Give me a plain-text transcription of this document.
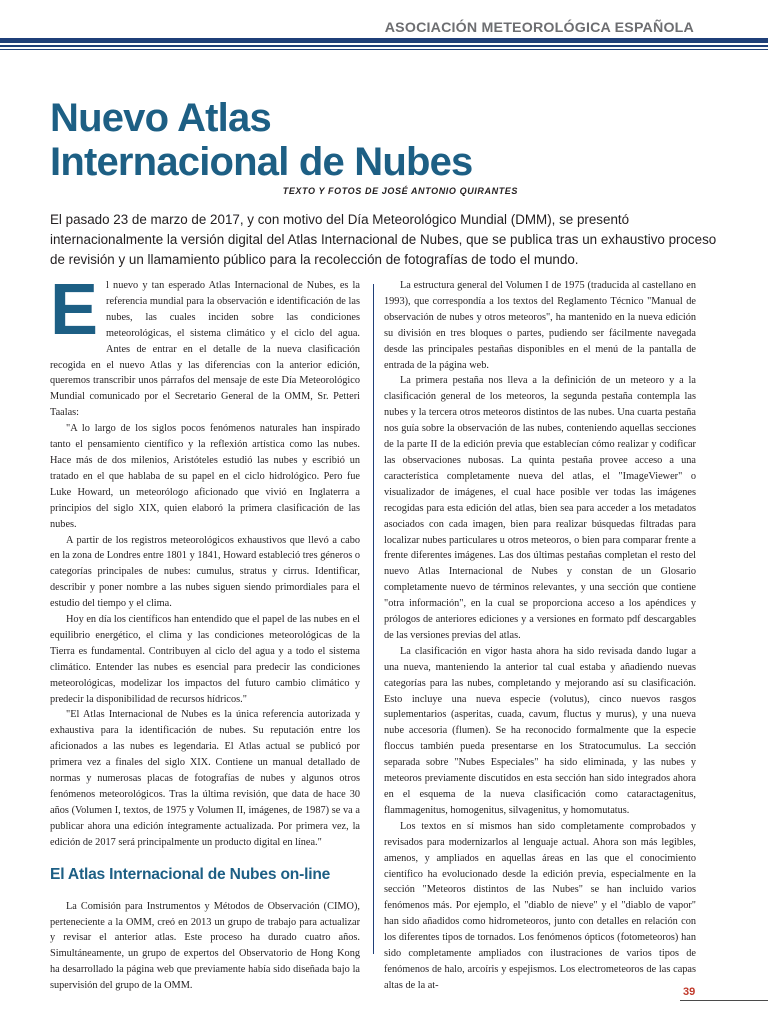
ASOCIACIÓN METEOROLÓGICA ESPAÑOLA
Nuevo Atlas
Internacional de Nubes
TEXTO Y FOTOS DE JOSÉ ANTONIO QUIRANTES

El pasado 23 de marzo de 2017, y con motivo del Día Meteorológico Mundial (DMM), se presentó internacionalmente la versión digital del Atlas Internacional de Nubes, que se publica tras un exhaustivo proceso de revisión y un llamamiento público para la recolección de fotografías de todo el mundo.

E l nuevo y tan esperado Atlas Internacional de Nubes, es la referencia mundial para la observación e identificación de las nubes, las cuales inciden sobre las condiciones meteorológicas, el sistema climático y el ciclo del agua. Antes de entrar en el detalle de la nueva clasificación recogida en el nuevo Atlas y las diferencias con la anterior edición, queremos transcribir unos párrafos del mensaje de este Día Meteorológico Mundial comunicado por el Secretario General de la OMM, Sr. Petteri Taalas:

"A lo largo de los siglos pocos fenómenos naturales han inspirado tanto el pensamiento científico y la reflexión artística como las nubes. Hace más de dos milenios, Aristóteles estudió las nubes y escribió un tratado en el que hablaba de su papel en el ciclo hidrológico. Pero fue Luke Howard, un meteorólogo aficionado que vivió en Inglaterra a principios del siglo XIX, quien elaboró la primera clasificación de las nubes.

A partir de los registros meteorológicos exhaustivos que llevó a cabo en la zona de Londres entre 1801 y 1841, Howard estableció tres géneros o categorías principales de nubes: cumulus, stratus y cirrus. Identificar, describir y poner nombre a las nubes siguen siendo primordiales para el estudio del tiempo y el clima.

Hoy en día los científicos han entendido que el papel de las nubes en el equilibrio energético, el clima y las condiciones meteorológicas de la Tierra es fundamental. Contribuyen al ciclo del agua y a todo el sistema climático. Entender las nubes es esencial para predecir las condiciones meteorológicas, modelizar los impactos del futuro cambio climático y predecir la disponibilidad de recursos hídricos."

"El Atlas Internacional de Nubes es la única referencia autorizada y exhaustiva para la identificación de nubes. Su reputación entre los aficionados a las nubes es legendaria. El Atlas actual se publicó por primera vez a finales del siglo XIX. Contiene un manual detallado de normas y numerosas placas de fotografías de nubes y algunos otros fenómenos meteorológicos. Tras la última revisión, que data de hace 30 años (Volumen I, textos, de 1975 y Volumen II, imágenes, de 1987) se va a publicar ahora una edición íntegramente actualizada. Por primera vez, la edición de 2017 será principalmente un producto digital en línea."

El Atlas Internacional de Nubes on-line

La Comisión para Instrumentos y Métodos de Observación (CIMO), perteneciente a la OMM, creó en 2013 un grupo de trabajo para actualizar y revisar el anterior atlas. Este proceso ha durado cuatro años. Simultáneamente, un grupo de expertos del Observatorio de Hong Kong ha desarrollado la página web que previamente había sido diseñada bajo la supervisión del grupo de la OMM.

La estructura general del Volumen I de 1975 (traducida al castellano en 1993), que correspondía a los textos del Reglamento Técnico "Manual de observación de nubes y otros meteoros", ha mantenido en la nueva edición su división en tres bloques o partes, pudiendo ser fácilmente navegada desde las principales pestañas disponibles en el menú de la pantalla de entrada de la página web.

La primera pestaña nos lleva a la definición de un meteoro y a la clasificación general de los meteoros, la segunda pestaña contempla las nubes y la tercera otros meteoros distintos de las nubes. Una cuarta pestaña nos guía sobre la observación de las nubes, conteniendo aquellas secciones de la parte II de la edición previa que establecían cómo realizar y codificar las observaciones nubosas. La quinta pestaña provee acceso a una característica completamente nueva del atlas, el "ImageViewer" o visualizador de imágenes, el cual hace posible ver todas las imágenes recogidas para esta edición del atlas, bien sea para acceder a los metadatos asociados con cada imagen, bien para realizar búsquedas filtradas para localizar nubes particulares u otros meteoros, o bien para comparar frente a frente diferentes imágenes. Las dos últimas pestañas completan el resto del nuevo Atlas Internacional de Nubes y constan de un Glosario completamente nuevo de términos relevantes, y una sección que contiene "otra información", en la cual se proporciona acceso a los apéndices y prólogos de anteriores ediciones y a versiones en formato pdf descargables de las versiones previas del atlas.

La clasificación en vigor hasta ahora ha sido revisada dando lugar a una nueva, manteniendo la anterior tal cual estaba y añadiendo nuevas categorías para las nubes, completando y mejorando así su clasificación. Esto incluye una nueva especie (volutus), cinco nuevos rasgos suplementarios (asperitas, cuada, cavum, fluctus y murus), y una nueva nube accesoria (flumen). Se ha reconocido formalmente que la especie floccus también pueda presentarse en los Stratocumulus. La sección separada sobre "Nubes Especiales" ha sido eliminada, y las nubes y meteoros previamente discutidos en esta sección han sido integrados ahora en el esquema de la nueva clasificación como cataractagenitus, flammagenitus, homogenitus, silvagenitus, y homomutatus.

Los textos en sí mismos han sido completamente comprobados y revisados para modernizarlos al lenguaje actual. Ahora son más legibles, amenos, y ampliados en aquellas áreas en las que el conocimiento científico ha evolucionado desde la edición previa, especialmente en la sección "Meteoros distintos de las Nubes" se han incluido varios fenómenos más. Por ejemplo, el "diablo de nieve" y el "diablo de vapor" han sido añadidos como hidrometeoros, junto con detalles en relación con los diferentes tipos de tornados. Los fenómenos ópticos (fotometeoros) han sido completamente ampliados con ilustraciones de varios tipos de fenómenos de halo, arcoíris y espejismos. Los electrometeoros de las capas altas de la at-

39
